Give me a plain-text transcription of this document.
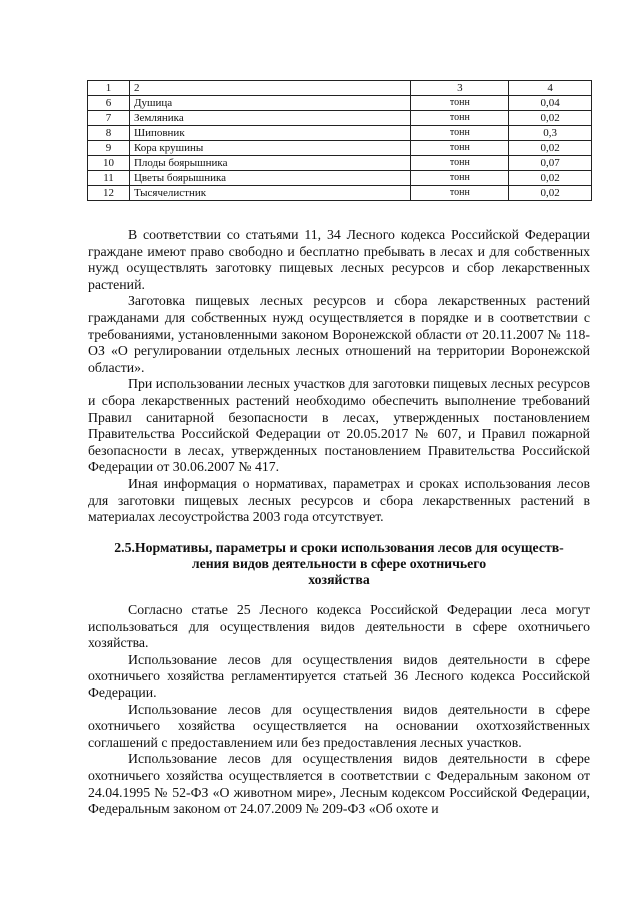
1	2	3	4
6	Душица	тонн	0,04
7	Земляника	тонн	0,02
8	Шиповник	тонн	0,3
9	Кора крушины	тонн	0,02
10	Плоды боярышника	тонн	0,07
11	Цветы боярышника	тонн	0,02
12	Тысячелистник	тонн	0,02

В соответствии со статьями 11, 34 Лесного кодекса Российской Федерации граждане имеют право свободно и бесплатно пребывать в лесах и для собственных нужд осуществлять заготовку пищевых лесных ресурсов и сбор лекарственных растений.

Заготовка пищевых лесных ресурсов и сбора лекарственных растений гражданами для собственных нужд осуществляется в порядке и в соответствии с требованиями, установленными законом Воронежской области от 20.11.2007 № 118-ОЗ «О регулировании отдельных лесных отношений на территории Воронежской области».

При использовании лесных участков для заготовки пищевых лесных ресурсов и сбора лекарственных растений необходимо обеспечить выполнение требований Правил санитарной безопасности в лесах, утвержденных постановлением Правительства Российской Федерации от 20.05.2017 № 607, и Правил пожарной безопасности в лесах, утвержденных постановлением Правительства Российской Федерации от 30.06.2007 № 417.

Иная информация о нормативах, параметрах и сроках использования лесов для заготовки пищевых лесных ресурсов и сбора лекарственных растений в материалах лесоустройства 2003 года отсутствует.

2.5.Нормативы, параметры и сроки использования лесов для осуществ-
ления видов деятельности в сфере охотничьего
хозяйства

Согласно статье 25 Лесного кодекса Российской Федерации леса могут использоваться для осуществления видов деятельности в сфере охотничьего хозяйства.

Использование лесов для осуществления видов деятельности в сфере охотничьего хозяйства регламентируется статьей 36 Лесного кодекса Российской Федерации.

Использование лесов для осуществления видов деятельности в сфере охотничьего хозяйства осуществляется на основании охотхозяйственных соглашений с предоставлением или без предоставления лесных участков.

Использование лесов для осуществления видов деятельности в сфере охотничьего хозяйства осуществляется в соответствии с Федеральным законом от 24.04.1995 № 52-ФЗ «О животном мире», Лесным кодексом Российской Федерации, Федеральным законом от 24.07.2009 № 209-ФЗ «Об охоте и
